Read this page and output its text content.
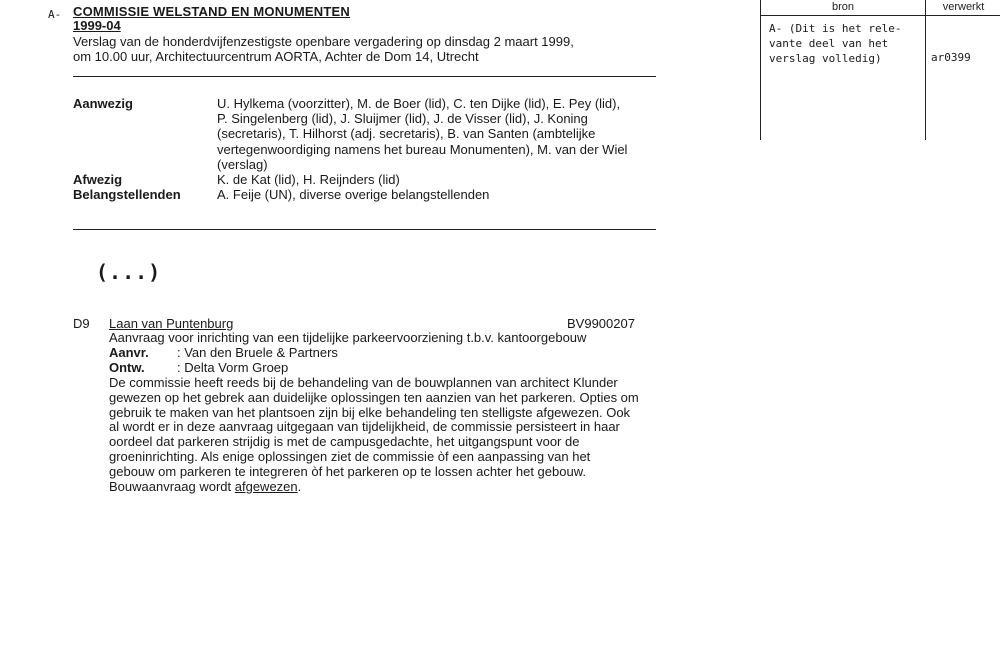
A- COMMISSIE WELSTAND EN MONUMENTEN
1999-04
Verslag van de honderdvijfenzestigste openbare vergadering op dinsdag 2 maart 1999,
om 10.00 uur, Architectuurcentrum AORTA, Achter de Dom 14, Utrecht
Aanwezig	U. Hylkema (voorzitter), M. de Boer (lid), C. ten Dijke (lid), E. Pey (lid),
P. Singelenberg (lid), J. Sluijmer (lid), J. de Visser (lid), J. Koning
(secretaris), T. Hilhorst (adj. secretaris), B. van Santen (ambtelijke
vertegenwoordiging namens het bureau Monumenten), M. van der Wiel
(verslag)
Afwezig	K. de Kat (lid), H. Reijnders (lid)
Belangstellenden	A. Feije (UN), diverse overige belangstellenden
(...)
D9 Laan van Puntenburg	BV9900207
Aanvraag voor inrichting van een tijdelijke parkeervoorziening t.b.v. kantoorgebouw
Aanvr. : Van den Bruele & Partners
Ontw. : Delta Vorm Groep
De commissie heeft reeds bij de behandeling van de bouwplannen van architect Klunder
gewezen op het gebrek aan duidelijke oplossingen ten aanzien van het parkeren. Opties om
gebruik te maken van het plantsoen zijn bij elke behandeling ten stelligste afgewezen. Ook
al wordt er in deze aanvraag uitgegaan van tijdelijkheid, de commissie persisteert in haar
oordeel dat parkeren strijdig is met de campusgedachte, het uitgangspunt voor de
groeninrichting. Als enige oplossingen ziet de commissie òf een aanpassing van het
gebouw om parkeren te integreren òf het parkeren op te lossen achter het gebouw.
Bouwaanvraag wordt afgewezen.
bron	verwerkt
A- (Dit is het rele-
vante deel van het
verslag volledig)	ar0399
